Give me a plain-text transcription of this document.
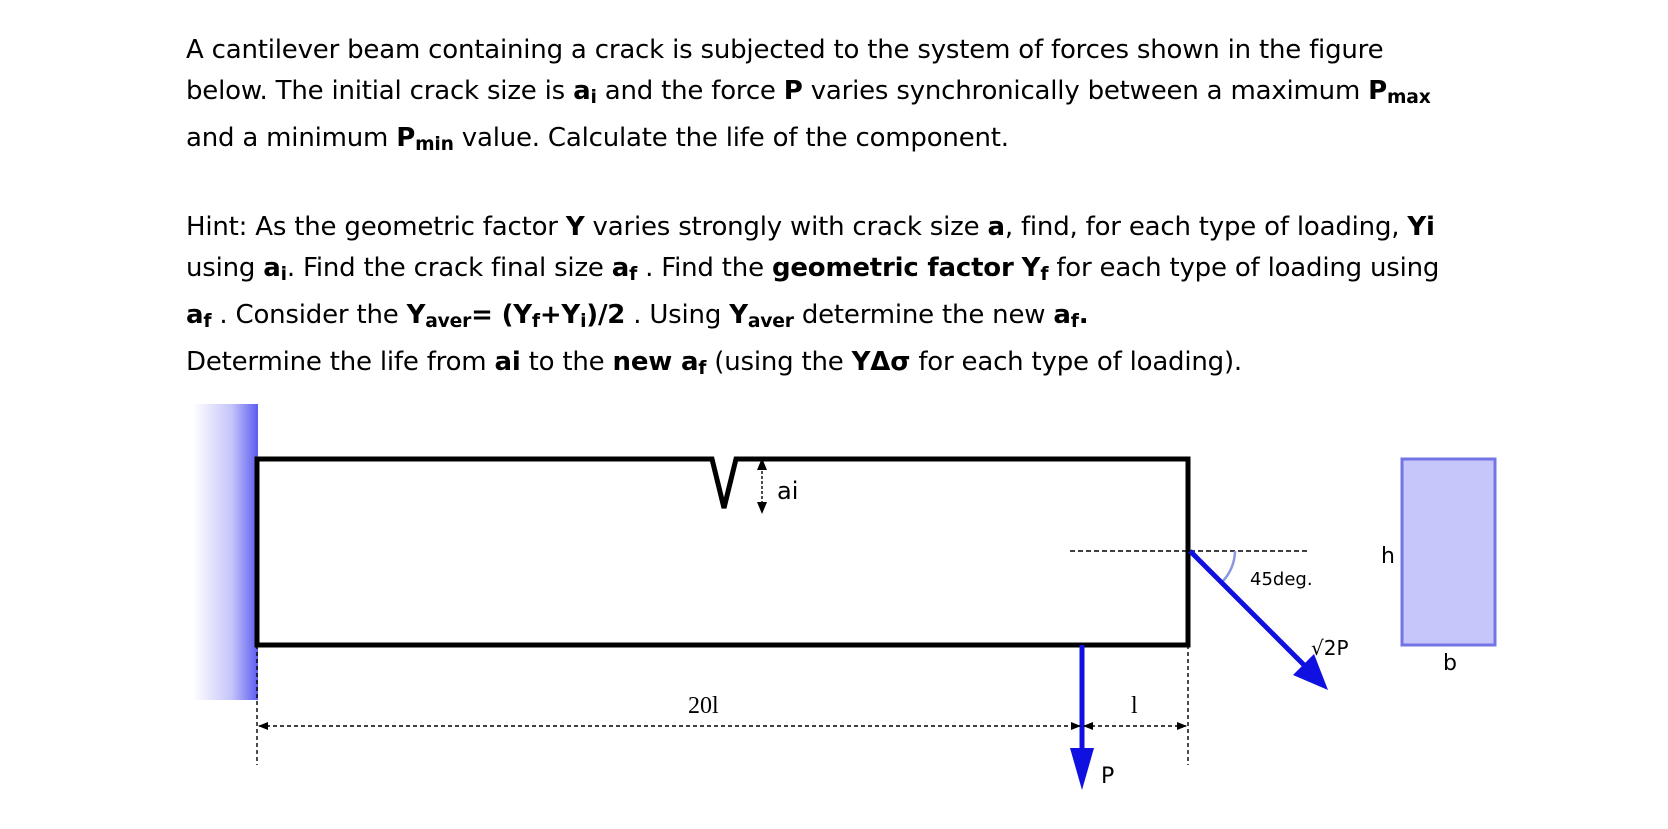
A cantilever beam containing a crack is subjected to the system of forces shown in the figure
below. The initial crack size is $a_i$ and the force P varies synchronically between a maximum $P_{max}$
and a minimum $P_{min}$ value. Calculate the life of the component.

Hint: As the geometric factor Y varies strongly with crack size a, find, for each type of loading, Yi
using $a_i$. Find the crack final size $a_f$ . Find the geometric factor $Y_f$ for each type of loading using
$a_f$ . Consider the $Y_{aver}= (Y_f+Y_i)/2$ . Using $Y_{aver}$ determine the new $a_f$.
Determine the life from ai to the new $a_f$ (using the YΔσ for each type of loading).

ai
45deg.
√2P
P
20l	l
h
b
